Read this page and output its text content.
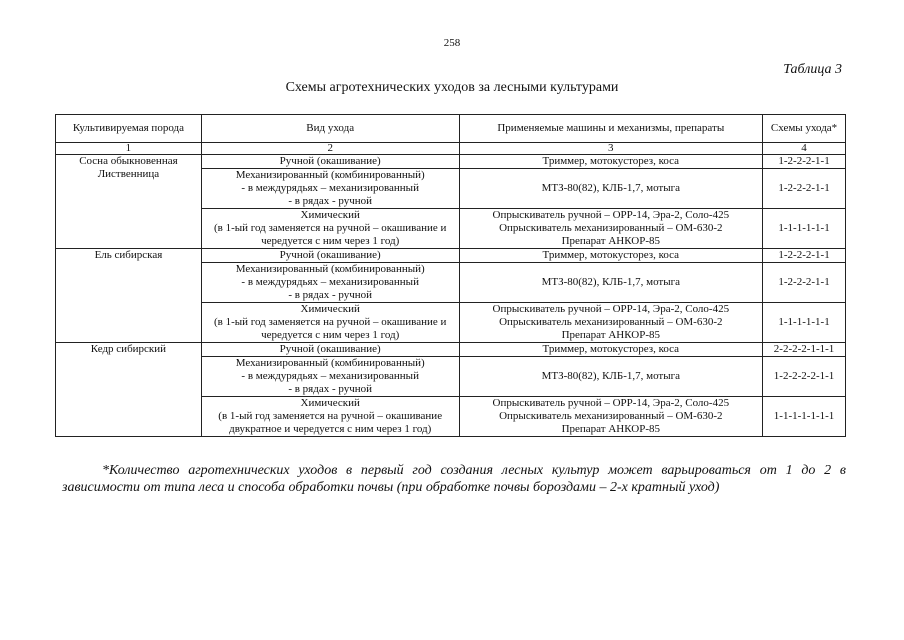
258
Таблица 3
Схемы агротехнических уходов за лесными культурами
Культивируемая порода	Вид ухода	Применяемые машины и механизмы, препараты	Схемы ухода*
1	2	3	4

Сосна обыкновенная
Лиственница	Ручной (окашивание)	Триммер, мотокусторез, коса	1-2-2-2-1-1

	Механизированный (комбинированный)
- в междурядьях – механизированный
- в рядах - ручной	МТЗ-80(82), КЛБ-1,7, мотыга	1-2-2-2-1-1

	Химический
(в 1-ый год заменяется на ручной – окашивание и
чередуется с ним через 1 год)	Опрыскиватель ручной – ОРР-14, Эра-2, Соло-425
Опрыскиватель механизированный – ОМ-630-2
Препарат АНКОР-85	1-1-1-1-1-1

Ель сибирская	Ручной (окашивание)	Триммер, мотокусторез, коса	1-2-2-2-1-1

	Механизированный (комбинированный)
- в междурядьях – механизированный
- в рядах - ручной	МТЗ-80(82), КЛБ-1,7, мотыга	1-2-2-2-1-1

	Химический
(в 1-ый год заменяется на ручной – окашивание и
чередуется с ним через 1 год)	Опрыскиватель ручной – ОРР-14, Эра-2, Соло-425
Опрыскиватель механизированный – ОМ-630-2
Препарат АНКОР-85	1-1-1-1-1-1

Кедр сибирский	Ручной (окашивание)	Триммер, мотокусторез, коса	2-2-2-2-1-1-1

	Механизированный (комбинированный)
- в междурядьях – механизированный
- в рядах - ручной	МТЗ-80(82), КЛБ-1,7, мотыга	1-2-2-2-2-1-1

	Химический
(в 1-ый год заменяется на ручной – окашивание
двукратное и чередуется с ним через 1 год)	Опрыскиватель ручной – ОРР-14, Эра-2, Соло-425
Опрыскиватель механизированный – ОМ-630-2
Препарат АНКОР-85	1-1-1-1-1-1-1
*Количество агротехнических уходов в первый год создания лесных культур может варьироваться от 1 до 2 в зависимости от типа леса и способа обработки почвы (при обработке почвы бороздами – 2-х кратный уход)
